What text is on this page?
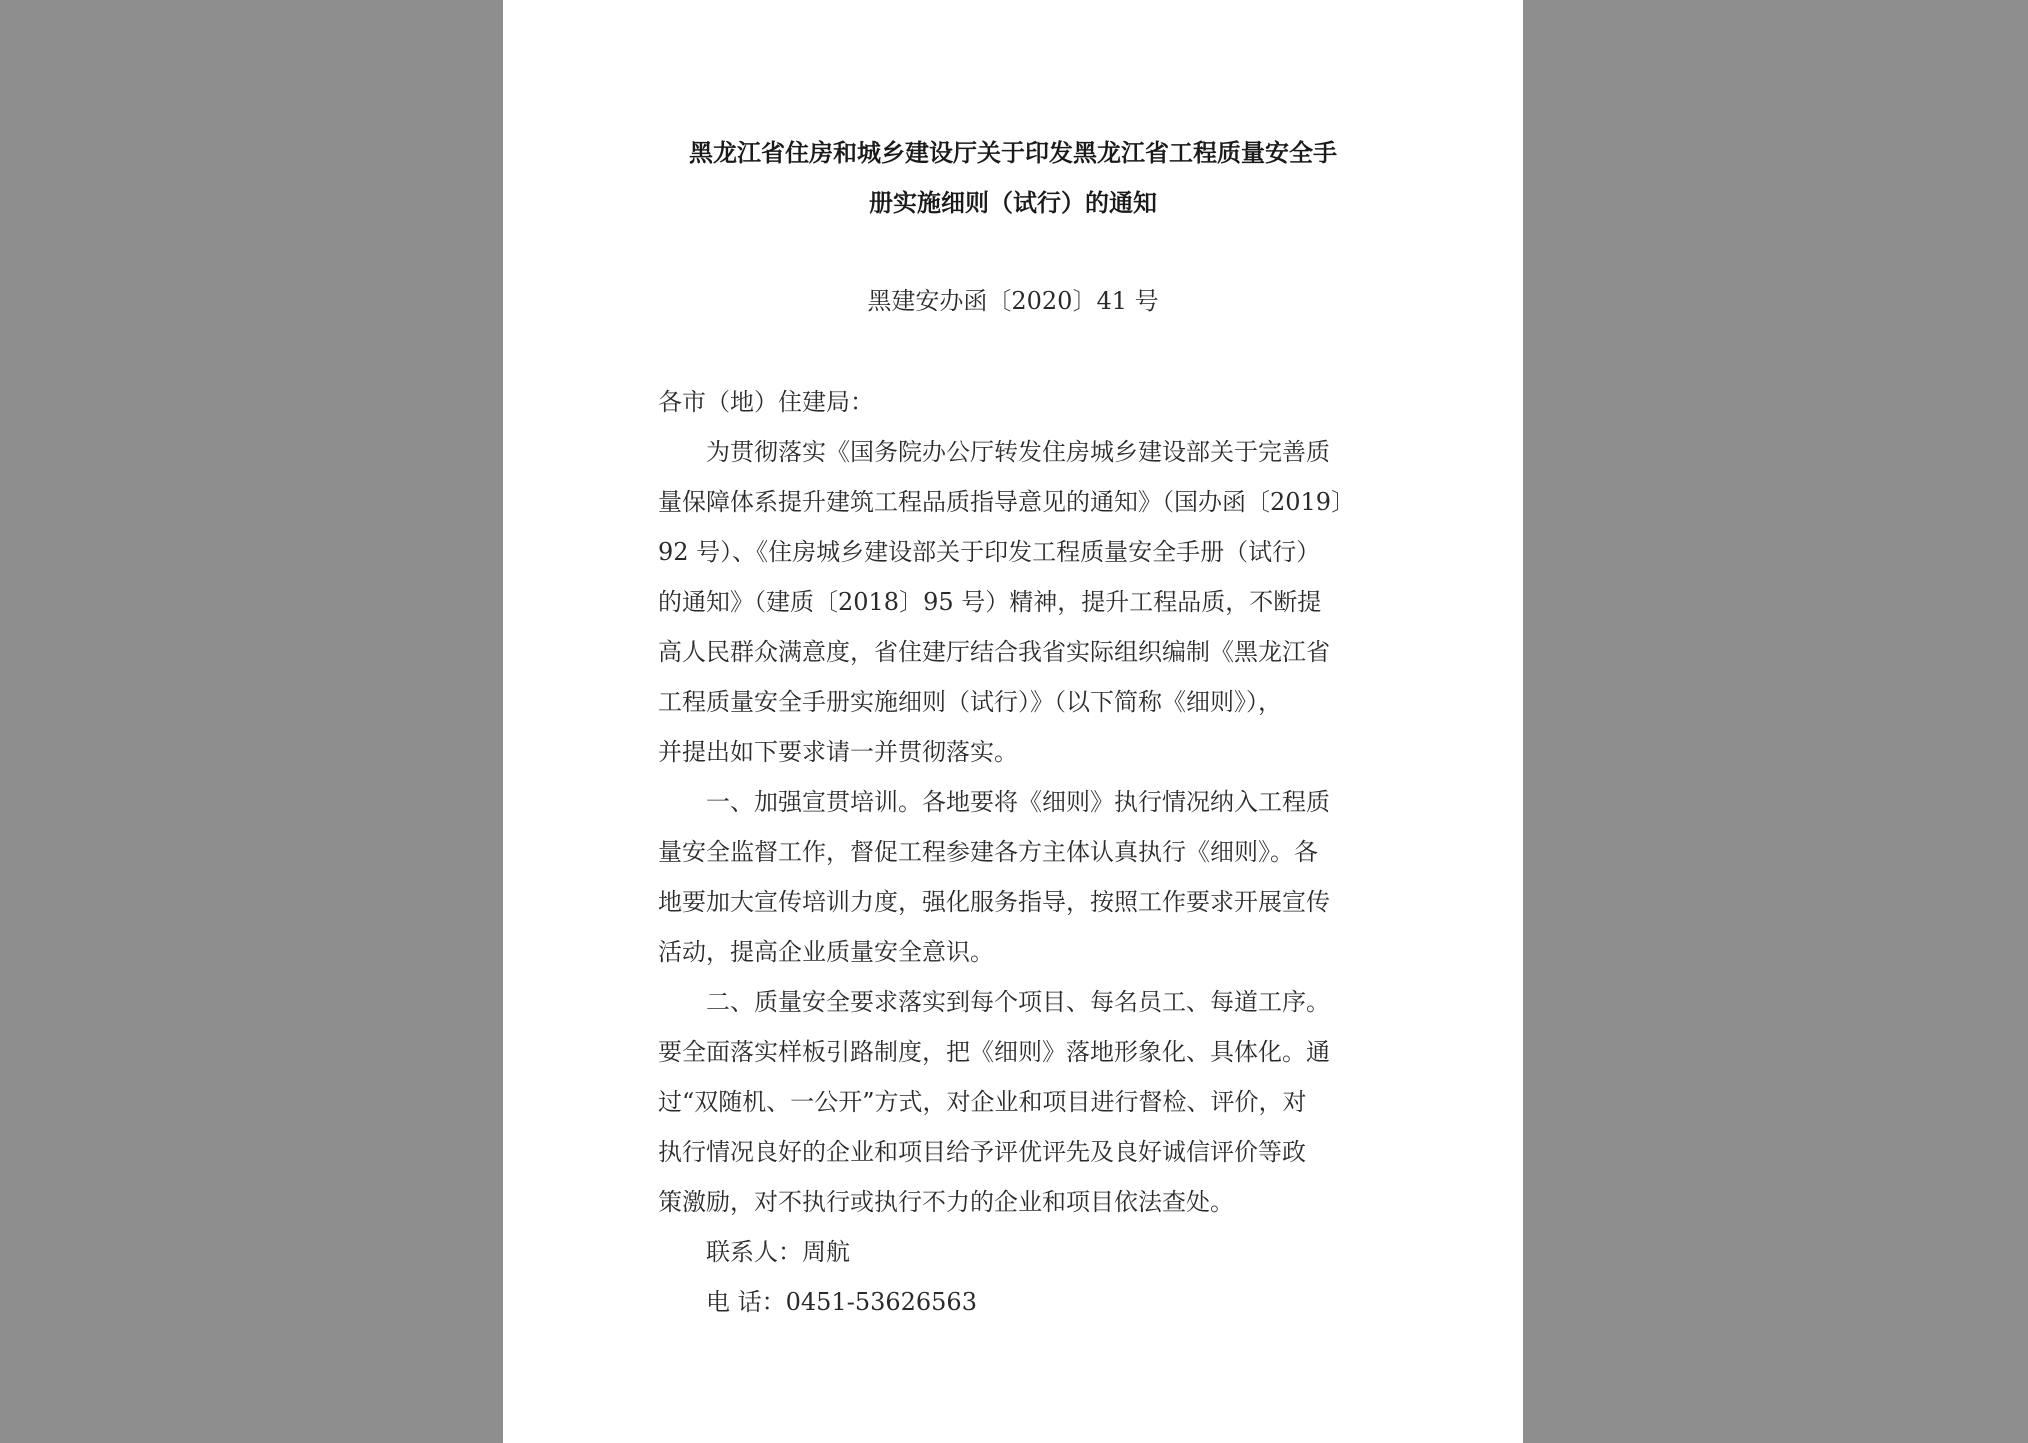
黑龙江省住房和城乡建设厅关于印发黑龙江省工程质量安全手
册实施细则（试行）的通知
黑建安办函〔2020〕41 号
各市（地）住建局：
　　为贯彻落实《国务院办公厅转发住房城乡建设部关于完善质
量保障体系提升建筑工程品质指导意见的通知》（国办函〔2019〕
92 号）、《住房城乡建设部关于印发工程质量安全手册（试行）
的通知》（建质〔2018〕95 号）精神，提升工程品质，不断提
高人民群众满意度，省住建厅结合我省实际组织编制《黑龙江省
工程质量安全手册实施细则（试行）》（以下简称《细则》），
并提出如下要求请一并贯彻落实。
　　一、加强宣贯培训。各地要将《细则》执行情况纳入工程质
量安全监督工作，督促工程参建各方主体认真执行《细则》。各
地要加大宣传培训力度，强化服务指导，按照工作要求开展宣传
活动，提高企业质量安全意识。
　　二、质量安全要求落实到每个项目、每名员工、每道工序。
要全面落实样板引路制度，把《细则》落地形象化、具体化。通
过“双随机、一公开”方式，对企业和项目进行督检、评价，对
执行情况良好的企业和项目给予评优评先及良好诚信评价等政
策激励，对不执行或执行不力的企业和项目依法查处。
　　联系人：周航
　　电 话：0451-53626563
